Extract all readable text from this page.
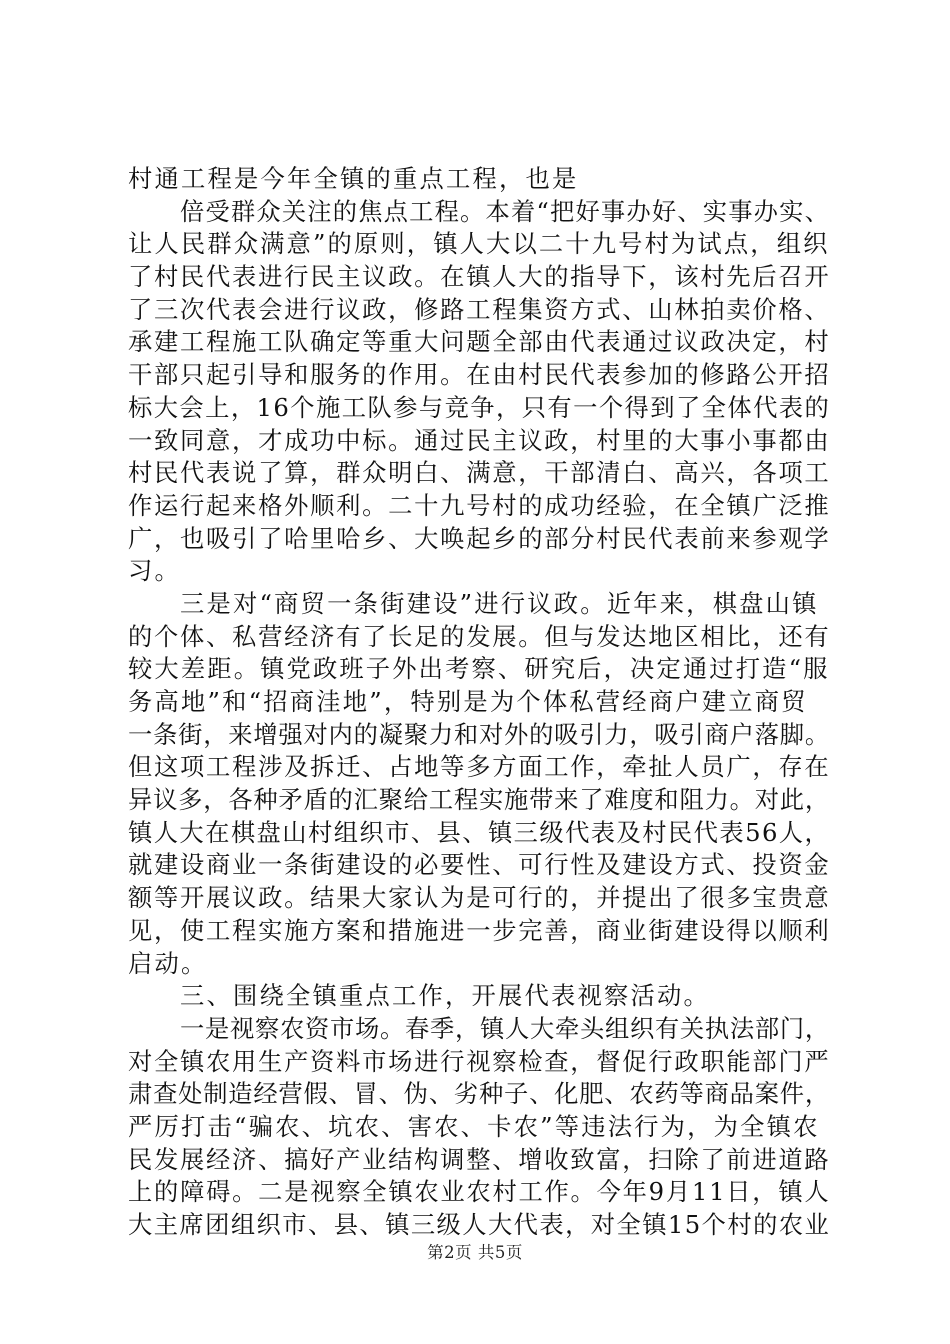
村通工程是今年全镇的重点工程，也是
倍受群众关注的焦点工程。本着“把好事办好、实事办实、
让人民群众满意”的原则，镇人大以二十九号村为试点，组织
了村民代表进行民主议政。在镇人大的指导下，该村先后召开
了三次代表会进行议政，修路工程集资方式、山林拍卖价格、
承建工程施工队确定等重大问题全部由代表通过议政决定，村
干部只起引导和服务的作用。在由村民代表参加的修路公开招
标大会上，16个施工队参与竞争，只有一个得到了全体代表的
一致同意，才成功中标。通过民主议政，村里的大事小事都由
村民代表说了算，群众明白、满意，干部清白、高兴，各项工
作运行起来格外顺利。二十九号村的成功经验，在全镇广泛推
广，也吸引了哈里哈乡、大唤起乡的部分村民代表前来参观学
习。
三是对“商贸一条街建设”进行议政。近年来，棋盘山镇
的个体、私营经济有了长足的发展。但与发达地区相比，还有
较大差距。镇党政班子外出考察、研究后，决定通过打造“服
务高地”和“招商洼地”，特别是为个体私营经商户建立商贸
一条街，来增强对内的凝聚力和对外的吸引力，吸引商户落脚。
但这项工程涉及拆迁、占地等多方面工作，牵扯人员广，存在
异议多，各种矛盾的汇聚给工程实施带来了难度和阻力。对此，
镇人大在棋盘山村组织市、县、镇三级代表及村民代表56人，
就建设商业一条街建设的必要性、可行性及建设方式、投资金
额等开展议政。结果大家认为是可行的，并提出了很多宝贵意
见，使工程实施方案和措施进一步完善，商业街建设得以顺利
启动。
三、围绕全镇重点工作，开展代表视察活动。
一是视察农资市场。春季，镇人大牵头组织有关执法部门，
对全镇农用生产资料市场进行视察检查，督促行政职能部门严
肃查处制造经营假、冒、伪、劣种子、化肥、农药等商品案件，
严厉打击“骗农、坑农、害农、卡农”等违法行为，为全镇农
民发展经济、搞好产业结构调整、增收致富，扫除了前进道路
上的障碍。二是视察全镇农业农村工作。今年9月11日，镇人
大主席团组织市、县、镇三级人大代表，对全镇15个村的农业
第2页 共5页
